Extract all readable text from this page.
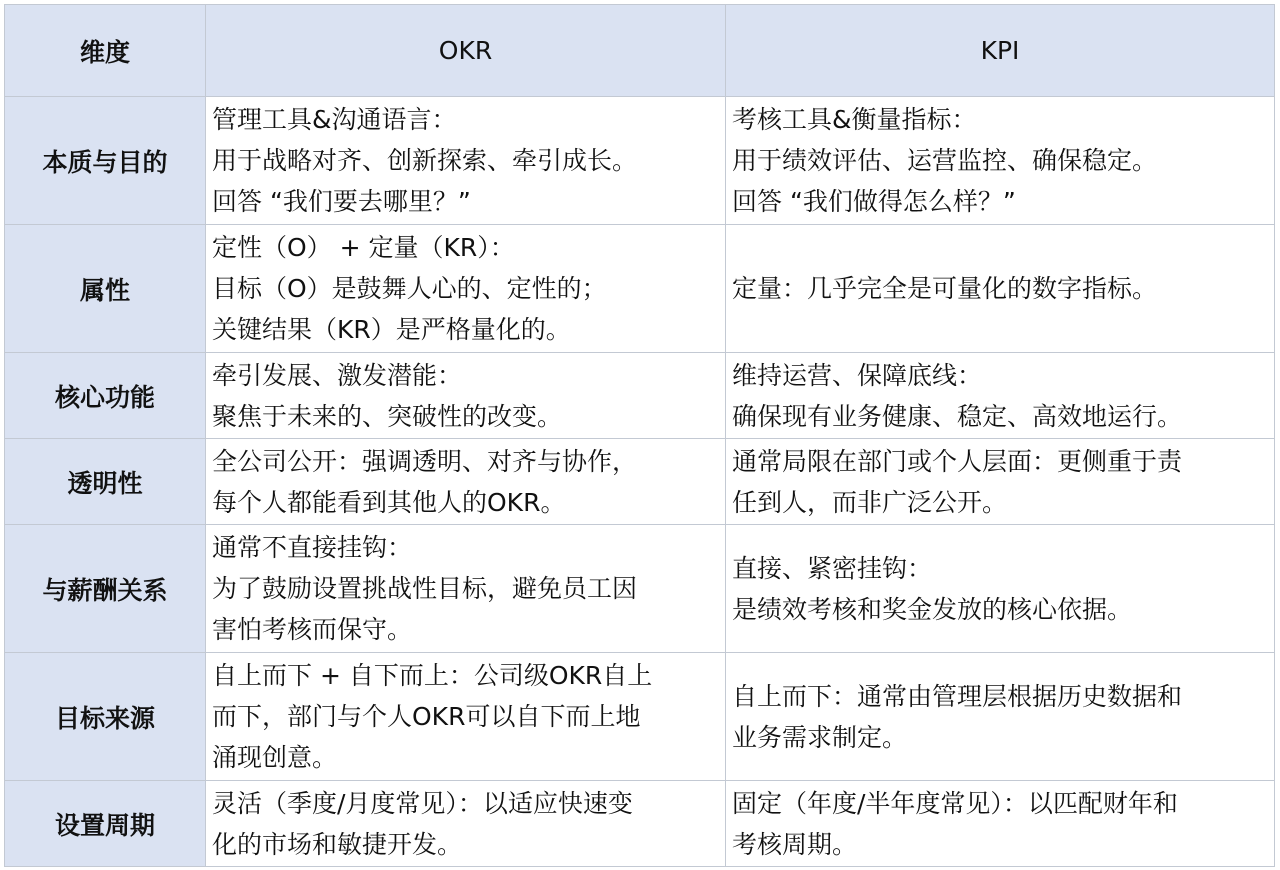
维度	OKR	KPI
本质与目的	管理工具&沟通语言：
用于战略对齐、创新探索、牵引成长。
回答 “我们要去哪里？”	考核工具&衡量指标：
用于绩效评估、运营监控、确保稳定。
回答 “我们做得怎么样？”

属性	定性（O） + 定量（KR）：
目标（O）是鼓舞人心的、定性的；
关键结果（KR）是严格量化的。	定量：几乎完全是可量化的数字指标。

核心功能	牵引发展、激发潜能：
聚焦于未来的、突破性的改变。	维持运营、保障底线：
确保现有业务健康、稳定、高效地运行。

透明性	全公司公开：强调透明、对齐与协作，
每个人都能看到其他人的OKR。	通常局限在部门或个人层面：更侧重于责
任到人，而非广泛公开。

与薪酬关系	通常不直接挂钩：
为了鼓励设置挑战性目标，避免员工因
害怕考核而保守。	直接、紧密挂钩：
是绩效考核和奖金发放的核心依据。

目标来源	自上而下 + 自下而上：公司级OKR自上
而下，部门与个人OKR可以自下而上地
涌现创意。	自上而下：通常由管理层根据历史数据和
业务需求制定。

设置周期	灵活（季度/月度常见）：以适应快速变
化的市场和敏捷开发。	固定（年度/半年度常见）：以匹配财年和
考核周期。
